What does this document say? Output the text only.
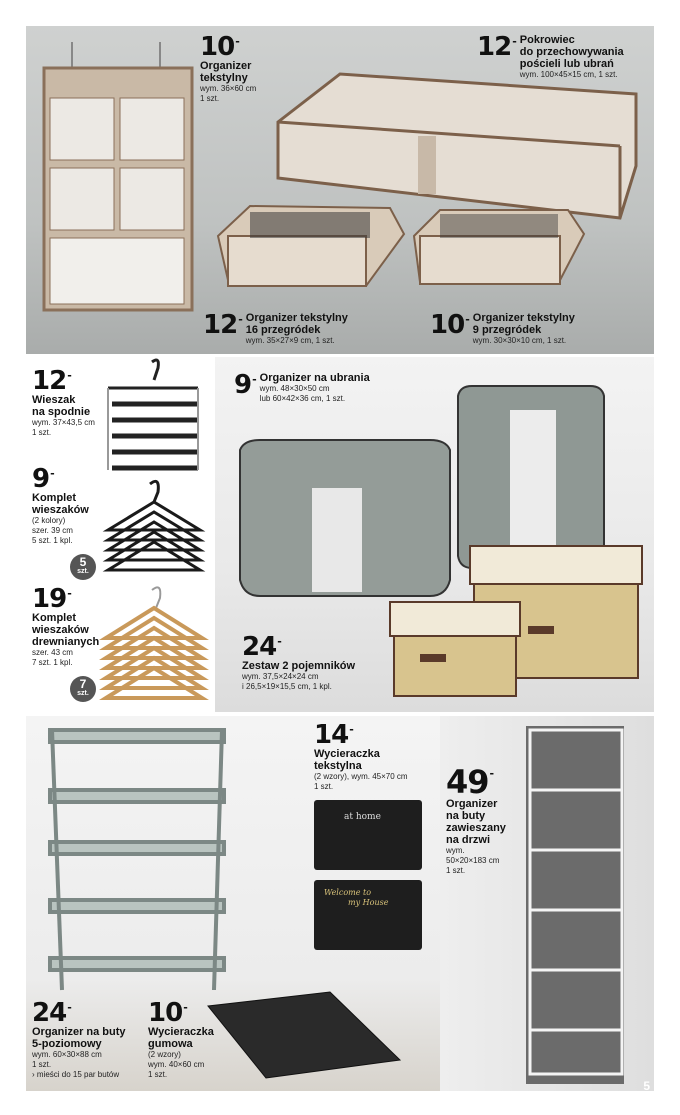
at home
Welcome to
my House
10 -
Organizer
tekstylny
wym. 36×60 cm
1 szt.
12 - Pokrowiec
do przechowywania
pościeli lub ubrań
wym. 100×45×15 cm, 1 szt.
12 - Organizer tekstylny
16 przegródek
wym. 35×27×9 cm, 1 szt.
10 - Organizer tekstylny
9 przegródek
wym. 30×30×10 cm, 1 szt.
12 -
Wieszak
na spodnie
wym. 37×43,5 cm
1 szt.
9 - Organizer na ubrania
wym. 48×30×50 cm
lub 60×42×36 cm, 1 szt.
9 -
Komplet
wieszaków
(2 kolory)
szer. 39 cm
5 szt. 1 kpl.
5
szt.
19 -
Komplet
wieszaków
drewnianych
szer. 43 cm
7 szt. 1 kpl.
7
szt.
24 -
Zestaw 2 pojemników
wym. 37,5×24×24 cm
i 26,5×19×15,5 cm, 1 kpl.
14 -
Wycieraczka
tekstylna
(2 wzory), wym. 45×70 cm
1 szt.	49 -
Organizer
na buty
zawieszany
na drzwi
wym.
50×20×183 cm
1 szt.
24 -
Organizer na buty
5-poziomowy
wym. 60×30×88 cm
1 szt.
› mieści do 15 par butów
10 -
Wycieraczka
gumowa
(2 wzory)
wym. 40×60 cm
1 szt.
5
